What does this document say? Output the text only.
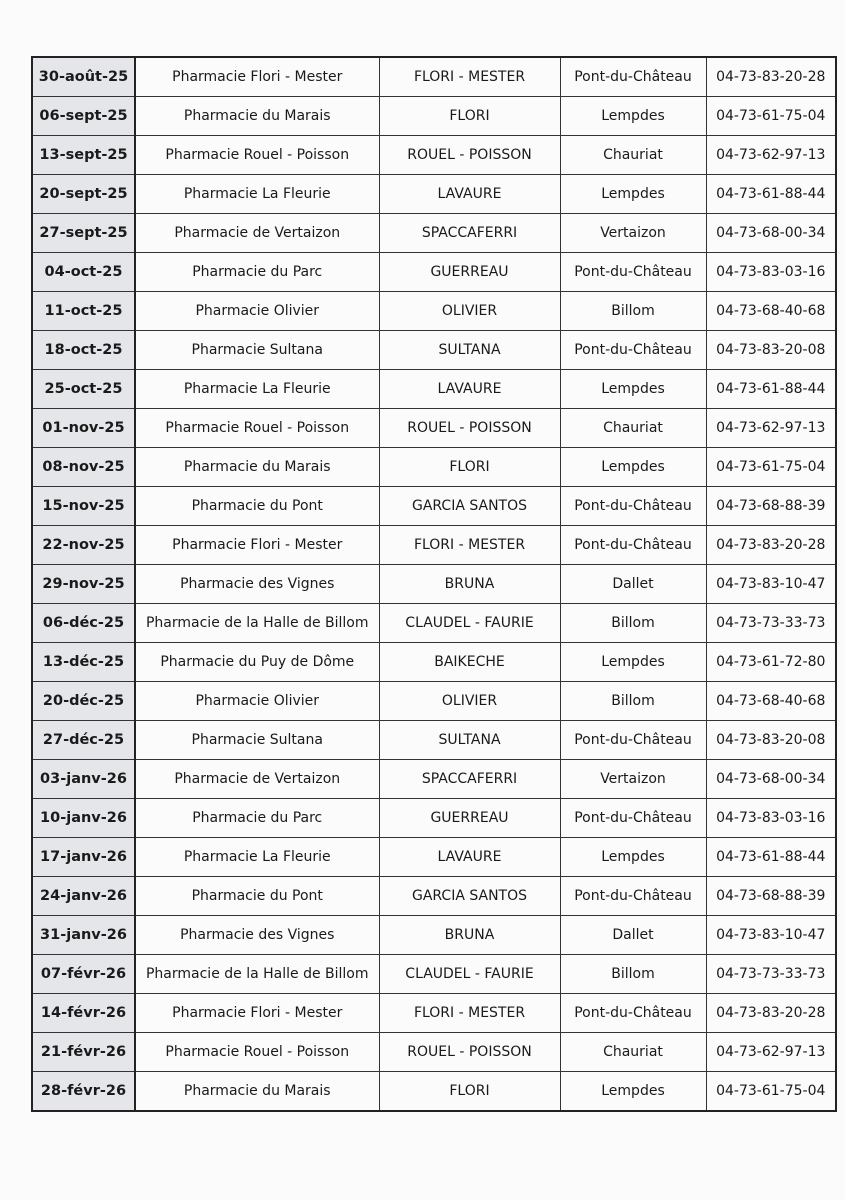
30-août-25	Pharmacie Flori - Mester	FLORI - MESTER	Pont-du-Château	04-73-83-20-28
06-sept-25	Pharmacie du Marais	FLORI	Lempdes	04-73-61-75-04
13-sept-25	Pharmacie Rouel - Poisson	ROUEL - POISSON	Chauriat	04-73-62-97-13
20-sept-25	Pharmacie La Fleurie	LAVAURE	Lempdes	04-73-61-88-44
27-sept-25	Pharmacie de Vertaizon	SPACCAFERRI	Vertaizon	04-73-68-00-34
04-oct-25	Pharmacie du Parc	GUERREAU	Pont-du-Château	04-73-83-03-16
11-oct-25	Pharmacie Olivier	OLIVIER	Billom	04-73-68-40-68
18-oct-25	Pharmacie Sultana	SULTANA	Pont-du-Château	04-73-83-20-08
25-oct-25	Pharmacie La Fleurie	LAVAURE	Lempdes	04-73-61-88-44
01-nov-25	Pharmacie Rouel - Poisson	ROUEL - POISSON	Chauriat	04-73-62-97-13
08-nov-25	Pharmacie du Marais	FLORI	Lempdes	04-73-61-75-04
15-nov-25	Pharmacie du Pont	GARCIA SANTOS	Pont-du-Château	04-73-68-88-39
22-nov-25	Pharmacie Flori - Mester	FLORI - MESTER	Pont-du-Château	04-73-83-20-28
29-nov-25	Pharmacie des Vignes	BRUNA	Dallet	04-73-83-10-47
06-déc-25	Pharmacie de la Halle de Billom	CLAUDEL - FAURIE	Billom	04-73-73-33-73
13-déc-25	Pharmacie du Puy de Dôme	BAIKECHE	Lempdes	04-73-61-72-80
20-déc-25	Pharmacie Olivier	OLIVIER	Billom	04-73-68-40-68
27-déc-25	Pharmacie Sultana	SULTANA	Pont-du-Château	04-73-83-20-08
03-janv-26	Pharmacie de Vertaizon	SPACCAFERRI	Vertaizon	04-73-68-00-34
10-janv-26	Pharmacie du Parc	GUERREAU	Pont-du-Château	04-73-83-03-16
17-janv-26	Pharmacie La Fleurie	LAVAURE	Lempdes	04-73-61-88-44
24-janv-26	Pharmacie du Pont	GARCIA SANTOS	Pont-du-Château	04-73-68-88-39
31-janv-26	Pharmacie des Vignes	BRUNA	Dallet	04-73-83-10-47
07-févr-26	Pharmacie de la Halle de Billom	CLAUDEL - FAURIE	Billom	04-73-73-33-73
14-févr-26	Pharmacie Flori - Mester	FLORI - MESTER	Pont-du-Château	04-73-83-20-28
21-févr-26	Pharmacie Rouel - Poisson	ROUEL - POISSON	Chauriat	04-73-62-97-13
28-févr-26	Pharmacie du Marais	FLORI	Lempdes	04-73-61-75-04
